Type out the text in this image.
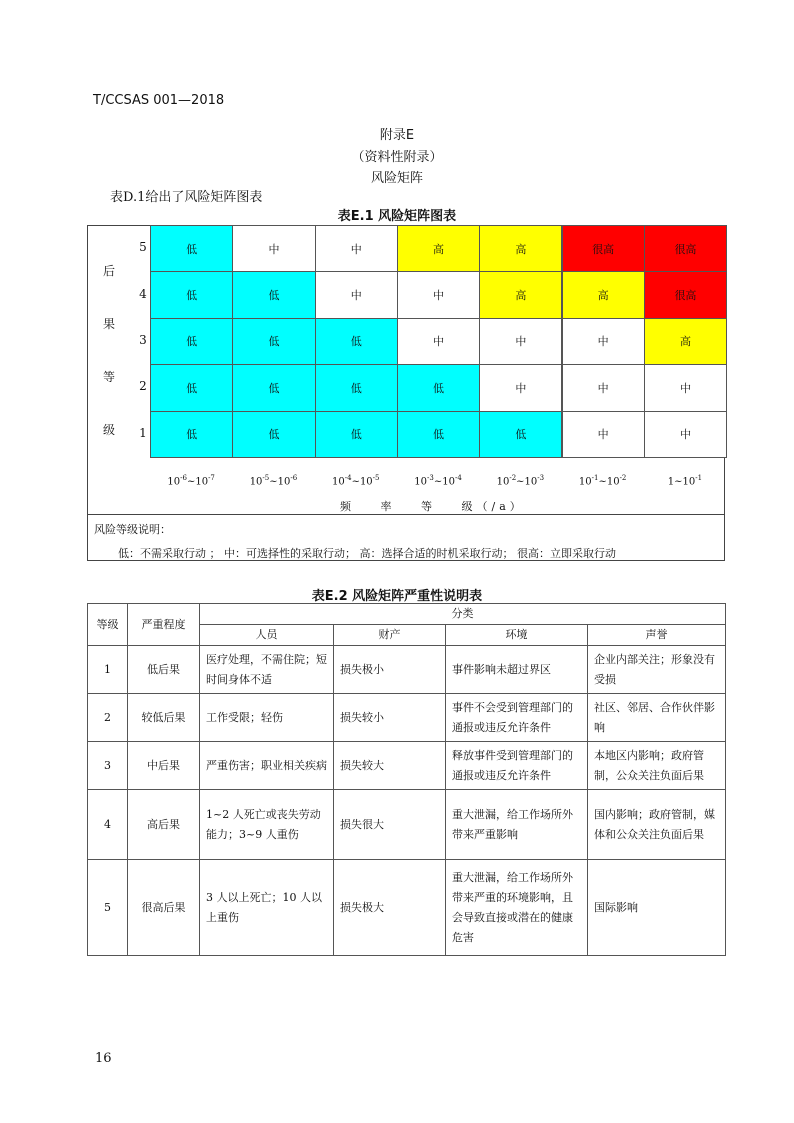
T/CCSAS 001—2018
附录E
（资料性附录）
风险矩阵
表D.1给出了风险矩阵图表
表E.1 风险矩阵图表
后
果
等
级
5	低	中	中	高	高	很高	很高
4	低	低	中	中	高	高	很高
3	低	低	低	中	中	中	高
2	低	低	低	低	中	中	中
1	低	低	低	低	低	中	中
$10^{-6}\sim 10^{-7}$	$10^{-5}\sim 10^{-6}$	$10^{-4}\sim 10^{-5}$	$10^{-3}\sim 10^{-4}$	$10^{-2}\sim 10^{-3}$	$10^{-1}\sim 10^{-2}$	$1\sim 10^{-1}$
频 率 等 级（/a）
风险等级说明：
低：不需采取行动 ； 中：可选择性的采取行动； 高：选择合适的时机采取行动； 很高：立即采取行动
表E.2 风险矩阵严重性说明表
等级	严重程度	分类			
		人员	财产	环境	声誉
1	低后果	医疗处理，不需住院；短时间身体不适	损失极小	事件影响未超过界区	企业内部关注；形象没有受损
2	较低后果	工作受限；轻伤	损失较小	事件不会受到管理部门的通报或违反允许条件	社区、邻居、合作伙伴影响
3	中后果	严重伤害；职业相关疾病	损失较大	释放事件受到管理部门的通报或违反允许条件	本地区内影响；政府管制，公众关注负面后果
4	高后果	1~2 人死亡或丧失劳动能力；3~9 人重伤	损失很大	重大泄漏，给工作场所外带来严重影响	国内影响；政府管制，媒体和公众关注负面后果
5	很高后果	3 人以上死亡；10 人以上重伤	损失极大	重大泄漏，给工作场所外带来严重的环境影响，且会导致直接或潜在的健康危害	国际影响
16
